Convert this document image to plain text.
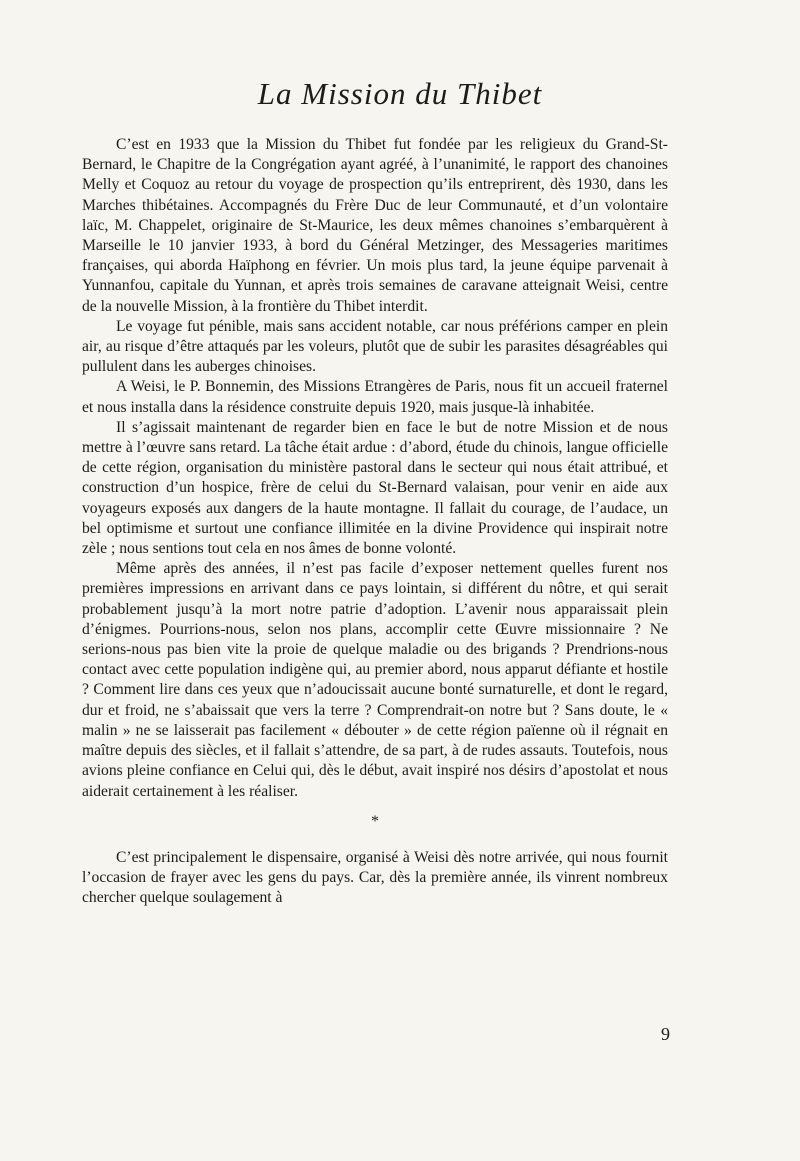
La Mission du Thibet

C’est en 1933 que la Mission du Thibet fut fondée par les religieux du Grand-St-Bernard, le Chapitre de la Congrégation ayant agréé, à l’unanimité, le rapport des chanoines Melly et Coquoz au retour du voyage de prospection qu’ils entreprirent, dès 1930, dans les Marches thibétaines. Accompagnés du Frère Duc de leur Communauté, et d’un volontaire laïc, M. Chappelet, originaire de St-Maurice, les deux mêmes chanoines s’embarquèrent à Marseille le 10 janvier 1933, à bord du Général Metzinger, des Messageries maritimes françaises, qui aborda Haïphong en février. Un mois plus tard, la jeune équipe parvenait à Yunnanfou, capitale du Yunnan, et après trois semaines de caravane atteignait Weisi, centre de la nouvelle Mission, à la frontière du Thibet interdit.

Le voyage fut pénible, mais sans accident notable, car nous préférions camper en plein air, au risque d’être attaqués par les voleurs, plutôt que de subir les parasites désagréables qui pullulent dans les auberges chinoises.

A Weisi, le P. Bonnemin, des Missions Etrangères de Paris, nous fit un accueil fraternel et nous installa dans la résidence construite depuis 1920, mais jusque-là inhabitée.

Il s’agissait maintenant de regarder bien en face le but de notre Mission et de nous mettre à l’œuvre sans retard. La tâche était ardue : d’abord, étude du chinois, langue officielle de cette région, organisation du ministère pastoral dans le secteur qui nous était attribué, et construction d’un hospice, frère de celui du St-Bernard valaisan, pour venir en aide aux voyageurs exposés aux dangers de la haute montagne. Il fallait du courage, de l’audace, un bel optimisme et surtout une confiance illimitée en la divine Providence qui inspirait notre zèle ; nous sentions tout cela en nos âmes de bonne volonté.

Même après des années, il n’est pas facile d’exposer nettement quelles furent nos premières impressions en arrivant dans ce pays lointain, si différent du nôtre, et qui serait probablement jusqu’à la mort notre patrie d’adoption. L’avenir nous apparaissait plein d’énigmes. Pourrions-nous, selon nos plans, accomplir cette Œuvre missionnaire ? Ne serions-nous pas bien vite la proie de quelque maladie ou des brigands ? Prendrions-nous contact avec cette population indigène qui, au premier abord, nous apparut défiante et hostile ? Comment lire dans ces yeux que n’adoucissait aucune bonté surnaturelle, et dont le regard, dur et froid, ne s’abaissait que vers la terre ? Comprendrait-on notre but ? Sans doute, le « malin » ne se laisserait pas facilement « débouter » de cette région païenne où il régnait en maître depuis des siècles, et il fallait s’attendre, de sa part, à de rudes assauts. Toutefois, nous avions pleine confiance en Celui qui, dès le début, avait inspiré nos désirs d’apostolat et nous aiderait certainement à les réaliser.

*

C’est principalement le dispensaire, organisé à Weisi dès notre arrivée, qui nous fournit l’occasion de frayer avec les gens du pays. Car, dès la première année, ils vinrent nombreux chercher quelque soulagement à

9
